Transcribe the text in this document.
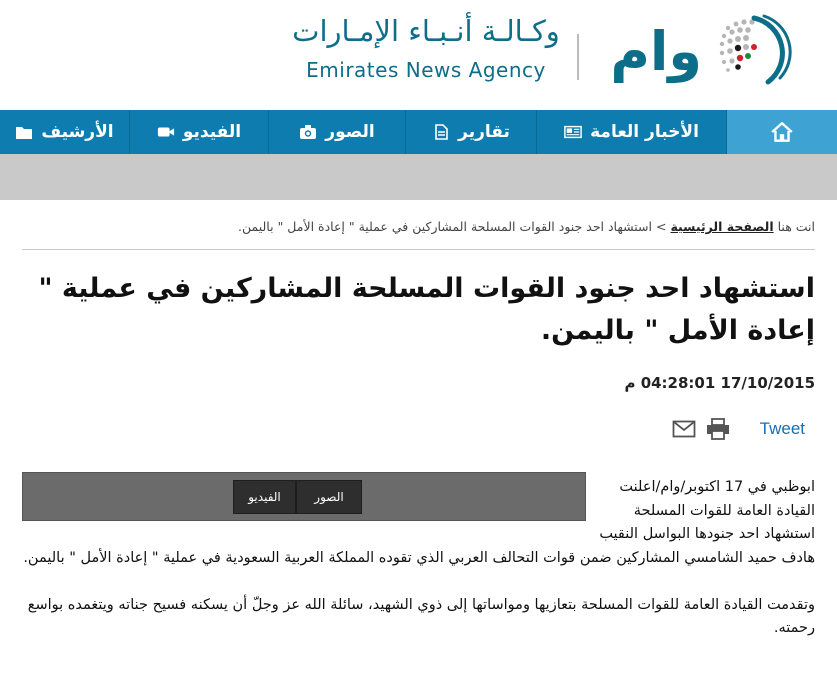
وكـالـة أنـبـاء الإمـارات
Emirates News Agency وام
الأرشيف	الفيديو	الصور	تقارير	الأخبار العامة
انت هنا الصفحة الرئيسية > استشهاد احد جنود القوات المسلحة المشاركين في عملية " إعادة الأمل " باليمن.
استشهاد احد جنود القوات المسلحة المشاركين في عملية " إعادة الأمل " باليمن.
17/10/2015 04:28:01 م
Tweet
الفيديو	الصور

ابوظبي في 17 اكتوبر/وام/اعلنت

القيادة العامة للقوات المسلحة

استشهاد احد جنودها البواسل النقيب

هادف حميد الشامسي المشاركين ضمن قوات التحالف العربي الذي تقوده المملكة العربية السعودية في عملية " إعادة الأمل " باليمن.

وتقدمت القيادة العامة للقوات المسلحة بتعازيها ومواساتها إلى ذوي الشهيد، سائلة الله عز وجلّ أن يسكنه فسيح جناته ويتغمده بواسع رحمته.
